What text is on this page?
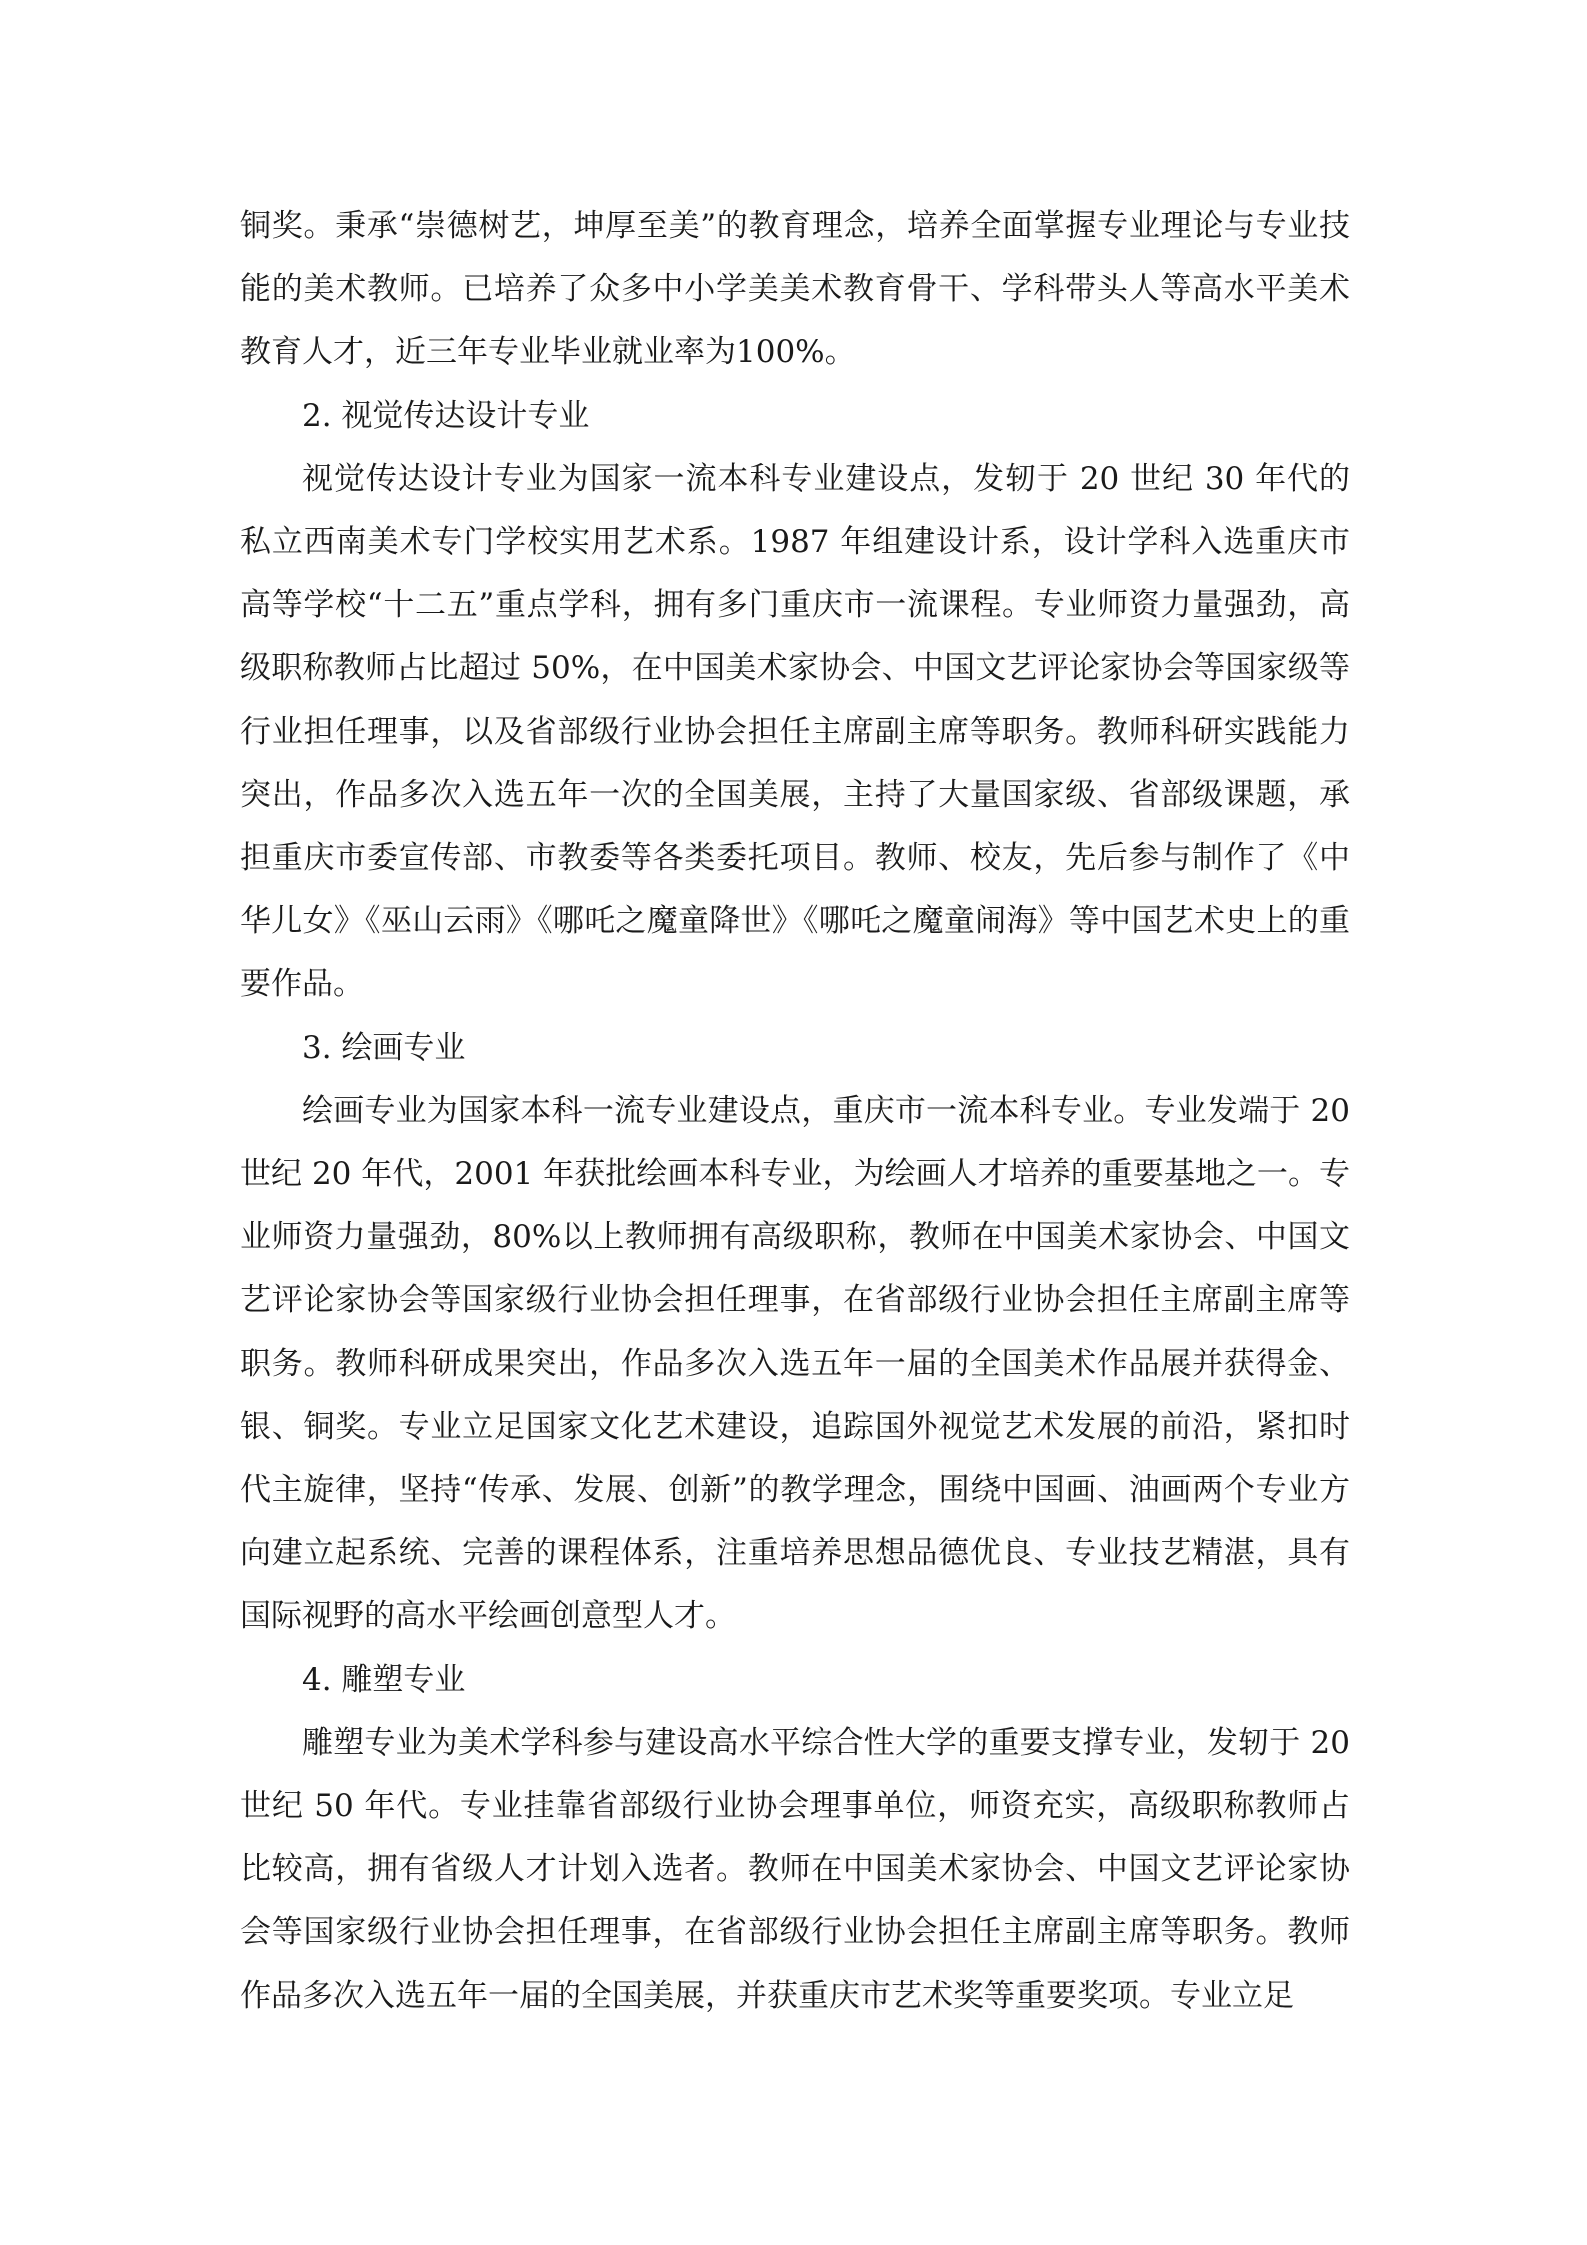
铜奖。秉承“崇德树艺，坤厚至美”的教育理念，培养全面掌握专业理论与专业技能的美术教师。已培养了众多中小学美美术教育骨干、学科带头人等高水平美术教育人才，近三年专业毕业就业率为100%。

2. 视觉传达设计专业

视觉传达设计专业为国家一流本科专业建设点，发轫于 20 世纪 30 年代的私立西南美术专门学校实用艺术系。1987 年组建设计系，设计学科入选重庆市高等学校“十二五”重点学科，拥有多门重庆市一流课程。专业师资力量强劲，高级职称教师占比超过 50%，在中国美术家协会、中国文艺评论家协会等国家级等行业担任理事，以及省部级行业协会担任主席副主席等职务。教师科研实践能力突出，作品多次入选五年一次的全国美展，主持了大量国家级、省部级课题，承担重庆市委宣传部、市教委等各类委托项目。教师、校友，先后参与制作了《中华儿女》《巫山云雨》《哪吒之魔童降世》《哪吒之魔童闹海》等中国艺术史上的重要作品。

3. 绘画专业

绘画专业为国家本科一流专业建设点，重庆市一流本科专业。专业发端于 20 世纪 20 年代，2001 年获批绘画本科专业，为绘画人才培养的重要基地之一。专业师资力量强劲，80%以上教师拥有高级职称，教师在中国美术家协会、中国文艺评论家协会等国家级行业协会担任理事，在省部级行业协会担任主席副主席等职务。教师科研成果突出，作品多次入选五年一届的全国美术作品展并获得金、银、铜奖。专业立足国家文化艺术建设，追踪国外视觉艺术发展的前沿，紧扣时代主旋律，坚持“传承、发展、创新”的教学理念，围绕中国画、油画两个专业方向建立起系统、完善的课程体系，注重培养思想品德优良、专业技艺精湛，具有国际视野的高水平绘画创意型人才。

4. 雕塑专业

雕塑专业为美术学科参与建设高水平综合性大学的重要支撑专业，发轫于 20 世纪 50 年代。专业挂靠省部级行业协会理事单位，师资充实，高级职称教师占比较高，拥有省级人才计划入选者。教师在中国美术家协会、中国文艺评论家协会等国家级行业协会担任理事，在省部级行业协会担任主席副主席等职务。教师作品多次入选五年一届的全国美展，并获重庆市艺术奖等重要奖项。专业立足
